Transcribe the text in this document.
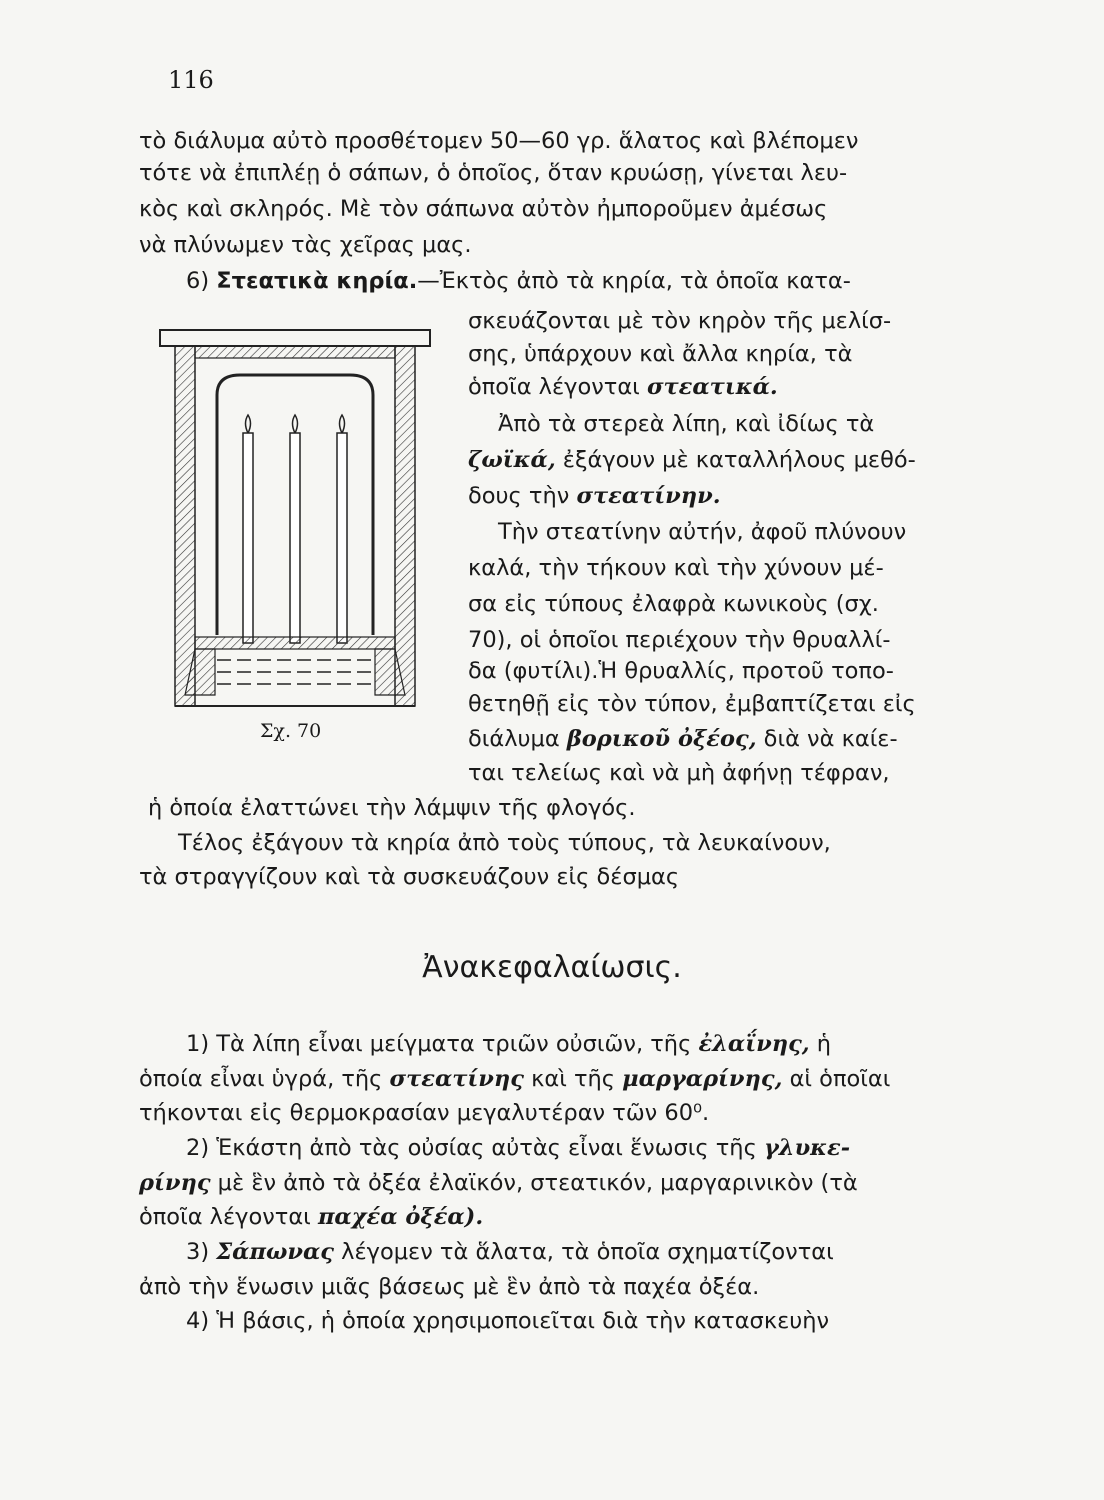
116
τὸ διάλυμα αὐτὸ προσθέτομεν 50—60 γρ. ἅλατος καὶ βλέπομεν
τότε νὰ ἐπιπλέῃ ὁ σάπων, ὁ ὁποῖος, ὅταν κρυώσῃ, γίνεται λευ-
κὸς καὶ σκληρός. Μὲ τὸν σάπωνα αὐτὸν ἠμποροῦμεν ἀμέσως
νὰ πλύνωμεν τὰς χεῖρας μας.
6) Στεατικὰ κηρία.—Ἐκτὸς ἀπὸ τὰ κηρία, τὰ ὁποῖα κατα-
σκευάζονται μὲ τὸν κηρὸν τῆς μελίσ-
σης, ὑπάρχουν καὶ ἄλλα κηρία, τὰ
ὁποῖα λέγονται στεατικά.
Ἀπὸ τὰ στερεὰ λίπη, καὶ ἰδίως τὰ
ζωϊκά, ἐξάγουν μὲ καταλλήλους μεθό-
δους τὴν στεατίνην.
Τὴν στεατίνην αὐτήν, ἀφοῦ πλύνουν
καλά, τὴν τήκουν καὶ τὴν χύνουν μέ-
σα εἰς τύπους ἐλαφρὰ κωνικοὺς (σχ.
70), οἱ ὁποῖοι περιέχουν τὴν θρυαλλί-
δα (φυτίλι).Ἡ θρυαλλίς, προτοῦ τοπο-
θετηθῇ εἰς τὸν τύπον, ἐμβαπτίζεται εἰς
διάλυμα βορικοῦ ὀξέος, διὰ νὰ καίε-
ται τελείως καὶ νὰ μὴ ἀφήνῃ τέφραν,
ἡ ὁποία ἐλαττώνει τὴν λάμψιν τῆς φλογός.
Τέλος ἐξάγουν τὰ κηρία ἀπὸ τοὺς τύπους, τὰ λευκαίνουν,
τὰ στραγγίζουν καὶ τὰ συσκευάζουν εἰς δέσμας
Σχ. 70
Ἀνακεφαλαίωσις.
1) Τὰ λίπη εἶναι μείγματα τριῶν οὐσιῶν, τῆς ἐλαΐνης, ἡ
ὁποία εἶναι ὑγρά, τῆς στεατίνης καὶ τῆς μαργαρίνης, αἱ ὁποῖαι
τήκονται εἰς θερμοκρασίαν μεγαλυτέραν τῶν 60⁰.
2) Ἑκάστη ἀπὸ τὰς οὐσίας αὐτὰς εἶναι ἕνωσις τῆς γλυκε-
ρίνης μὲ ἓν ἀπὸ τὰ ὀξέα ἐλαϊκόν, στεατικόν, μαργαρινικὸν (τὰ
ὁποῖα λέγονται παχέα ὀξέα).
3) Σάπωνας λέγομεν τὰ ἅλατα, τὰ ὁποῖα σχηματίζονται
ἀπὸ τὴν ἕνωσιν μιᾶς βάσεως μὲ ἓν ἀπὸ τὰ παχέα ὀξέα.
4) Ἡ βάσις, ἡ ὁποία χρησιμοποιεῖται διὰ τὴν κατασκευὴν
